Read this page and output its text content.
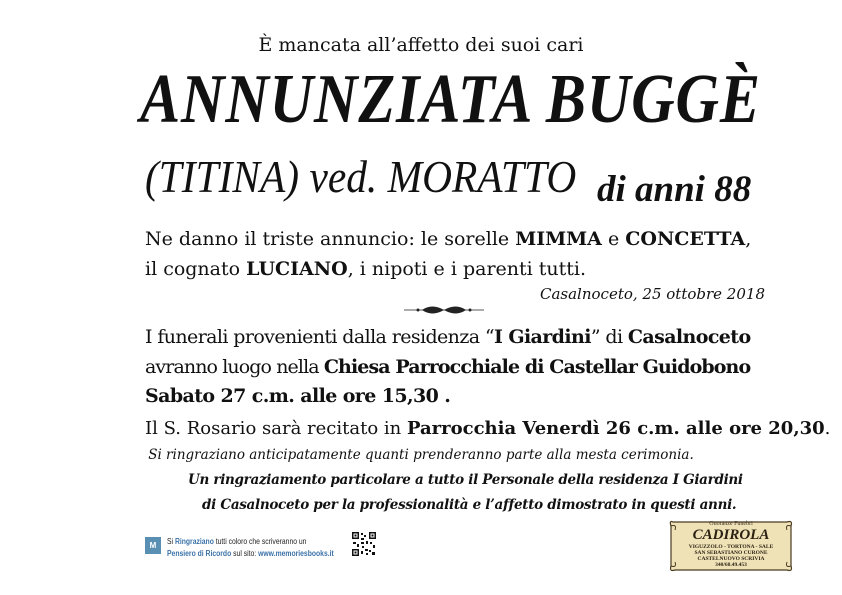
È mancata all’affetto dei suoi cari
ANNUNZIATA BUGGÈ
(TITINA) ved. MORATTO di anni 88
Ne danno il triste annuncio: le sorelle MIMMA e CONCETTA,
il cognato LUCIANO, i nipoti e i parenti tutti.
Casalnoceto, 25 ottobre 2018
I funerali provenienti dalla residenza “I Giardini” di Casalnoceto
avranno luogo nella Chiesa Parrocchiale di Castellar Guidobono
Sabato 27 c.m. alle ore 15,30 .
Il S. Rosario sarà recitato in Parrocchia Venerdì 26 c.m. alle ore 20,30.
Si ringraziano anticipatamente quanti prenderanno parte alla mesta cerimonia.
Un ringraziamento particolare a tutto il Personale della residenza I Giardini
di Casalnoceto per la professionalità e l’affetto dimostrato in questi anni.
M	Si Ringraziano tutti coloro che scriveranno un
Pensiero di Ricordo sul sito: www.memoriesbooks.it
Onoranze Funebri
CADIROLA
VIGUZZOLO - TORTONA - SALE
SAN SEBASTIANO CURONE
CASTELNUOVO SCRIVIA
340/68.49.453
